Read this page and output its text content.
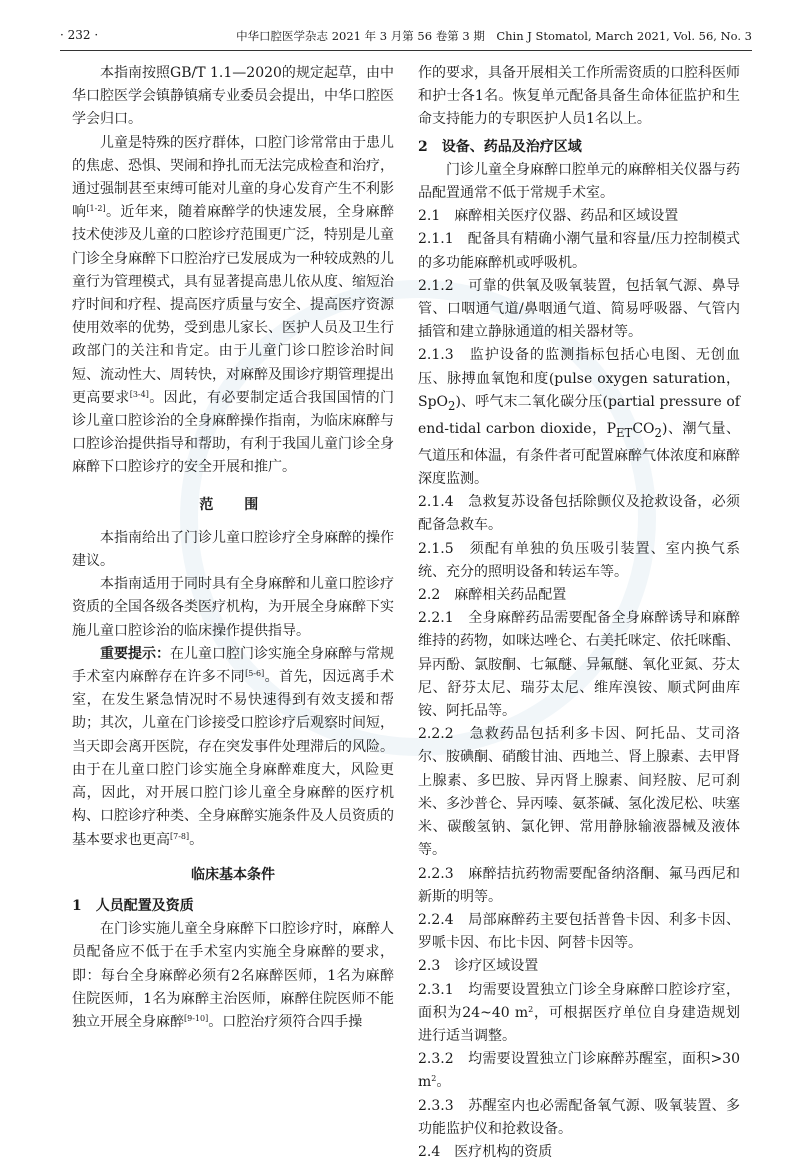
· 232 ·	中华口腔医学杂志 2021 年 3 月第 56 卷第 3 期　Chin J Stomatol, March 2021, Vol. 56, No. 3

本指南按照GB/T 1.1—2020的规定起草，由中华口腔医学会镇静镇痛专业委员会提出，中华口腔医学会归口。

儿童是特殊的医疗群体，口腔门诊常常由于患儿的焦虑、恐惧、哭闹和挣扎而无法完成检查和治疗，通过强制甚至束缚可能对儿童的身心发育产生不利影响[1-2]。近年来，随着麻醉学的快速发展，全身麻醉技术使涉及儿童的口腔诊疗范围更广泛，特别是儿童门诊全身麻醉下口腔治疗已发展成为一种较成熟的儿童行为管理模式，具有显著提高患儿依从度、缩短治疗时间和疗程、提高医疗质量与安全、提高医疗资源使用效率的优势，受到患儿家长、医护人员及卫生行政部门的关注和肯定。由于儿童门诊口腔诊治时间短、流动性大、周转快，对麻醉及围诊疗期管理提出更高要求[3-4]。因此，有必要制定适合我国国情的门诊儿童口腔诊治的全身麻醉操作指南，为临床麻醉与口腔诊治提供指导和帮助，有利于我国儿童门诊全身麻醉下口腔诊疗的安全开展和推广。

范　围

本指南给出了门诊儿童口腔诊疗全身麻醉的操作建议。

本指南适用于同时具有全身麻醉和儿童口腔诊疗资质的全国各级各类医疗机构，为开展全身麻醉下实施儿童口腔诊治的临床操作提供指导。

重要提示：在儿童口腔门诊实施全身麻醉与常规手术室内麻醉存在许多不同[5-6]。首先，因远离手术室，在发生紧急情况时不易快速得到有效支援和帮助；其次，儿童在门诊接受口腔诊疗后观察时间短，当天即会离开医院，存在突发事件处理滞后的风险。由于在儿童口腔门诊实施全身麻醉难度大，风险更高，因此，对开展口腔门诊儿童全身麻醉的医疗机构、口腔诊疗种类、全身麻醉实施条件及人员资质的基本要求也更高[7-8]。

临床基本条件

1　人员配置及资质

在门诊实施儿童全身麻醉下口腔诊疗时，麻醉人员配备应不低于在手术室内实施全身麻醉的要求，即：每台全身麻醉必须有2名麻醉医师，1名为麻醉住院医师，1名为麻醉主治医师，麻醉住院医师不能独立开展全身麻醉[9-10]。口腔治疗须符合四手操

作的要求，具备开展相关工作所需资质的口腔科医师和护士各1名。恢复单元配备具备生命体征监护和生命支持能力的专职医护人员1名以上。

2　设备、药品及治疗区域

门诊儿童全身麻醉口腔单元的麻醉相关仪器与药品配置通常不低于常规手术室。

2.1　麻醉相关医疗仪器、药品和区域设置

2.1.1　配备具有精确小潮气量和容量/压力控制模式的多功能麻醉机或呼吸机。

2.1.2　可靠的供氧及吸氧装置，包括氧气源、鼻导管、口咽通气道/鼻咽通气道、简易呼吸器、气管内插管和建立静脉通道的相关器材等。

2.1.3　监护设备的监测指标包括心电图、无创血压、脉搏血氧饱和度(pulse oxygen saturation，SpO$_2$)、呼气末二氧化碳分压(partial pressure of end-tidal carbon dioxide，$P_{ET}CO_2$)、潮气量、气道压和体温，有条件者可配置麻醉气体浓度和麻醉深度监测。

2.1.4　急救复苏设备包括除颤仪及抢救设备，必须配备急救车。

2.1.5　须配有单独的负压吸引装置、室内换气系统、充分的照明设备和转运车等。

2.2　麻醉相关药品配置

2.2.1　全身麻醉药品需要配备全身麻醉诱导和麻醉维持的药物，如咪达唑仑、右美托咪定、依托咪酯、异丙酚、氯胺酮、七氟醚、异氟醚、氧化亚氮、芬太尼、舒芬太尼、瑞芬太尼、维库溴铵、顺式阿曲库铵、阿托品等。

2.2.2　急救药品包括利多卡因、阿托品、艾司洛尔、胺碘酮、硝酸甘油、西地兰、肾上腺素、去甲肾上腺素、多巴胺、异丙肾上腺素、间羟胺、尼可刹米、多沙普仑、异丙嗪、氨茶碱、氢化泼尼松、呋塞米、碳酸氢钠、氯化钾、常用静脉输液器械及液体等。

2.2.3　麻醉拮抗药物需要配备纳洛酮、氟马西尼和新斯的明等。

2.2.4　局部麻醉药主要包括普鲁卡因、利多卡因、罗哌卡因、布比卡因、阿替卡因等。

2.3　诊疗区域设置

2.3.1　均需要设置独立门诊全身麻醉口腔诊疗室，面积为24~40 $m^2$，可根据医疗单位自身建造规划进行适当调整。

2.3.2　均需要设置独立门诊麻醉苏醒室，面积>30 $m^2$。

2.3.3　苏醒室内也必需配备氧气源、吸氧装置、多功能监护仪和抢救设备。

2.4　医疗机构的资质
